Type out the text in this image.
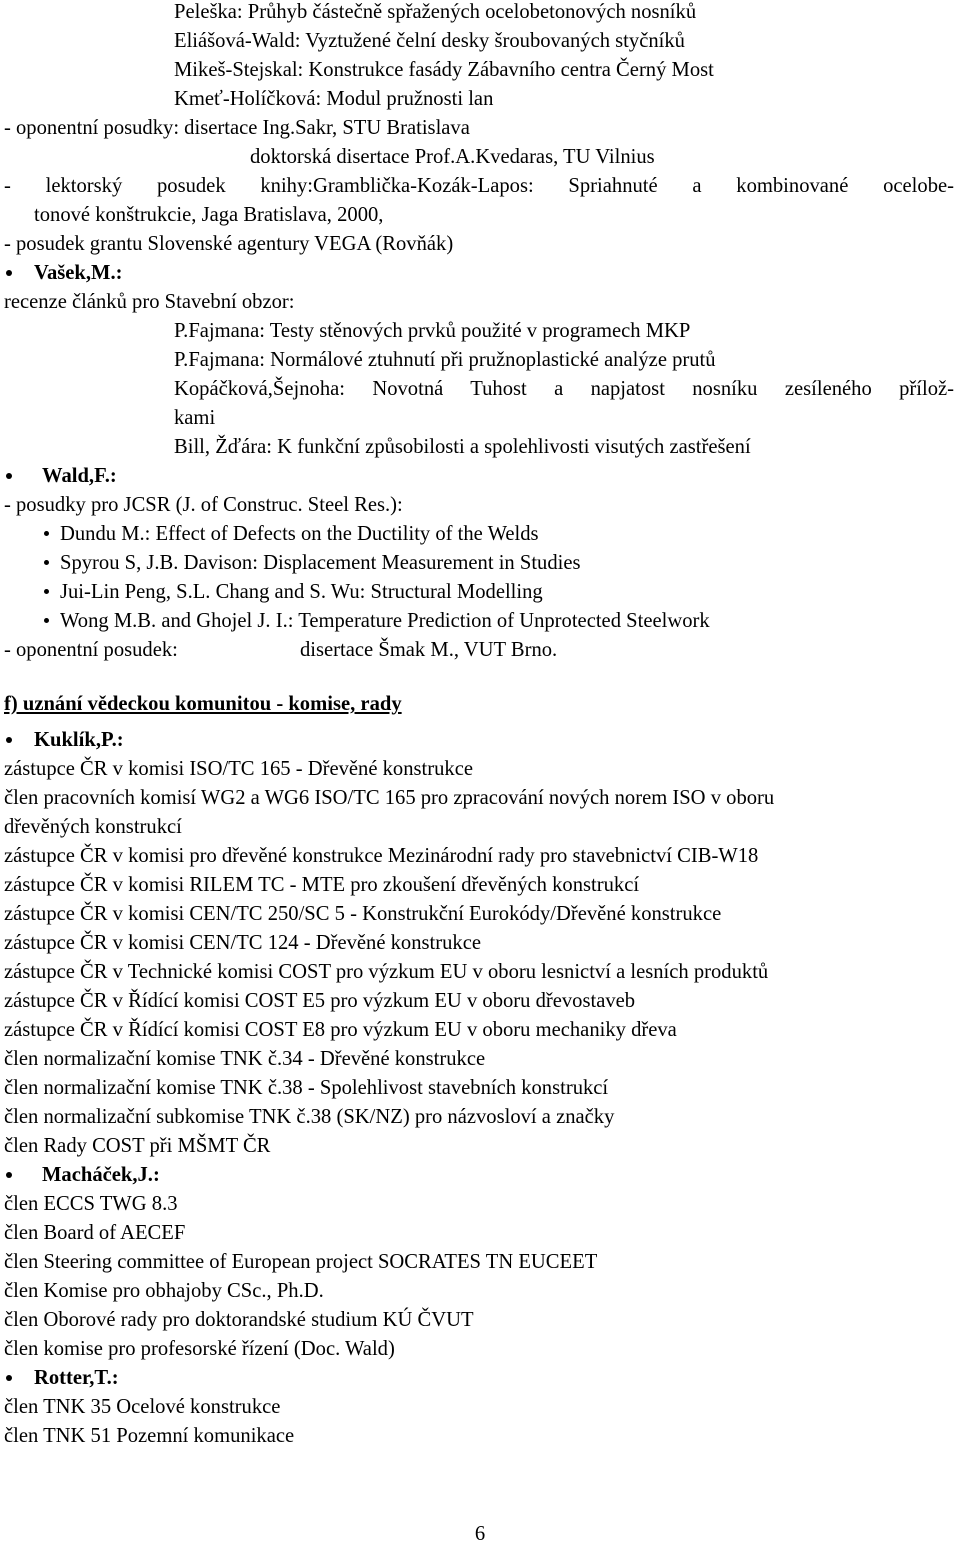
Peleška: Průhyb částečně spřažených ocelobetonových nosníků
Eliášová-Wald: Vyztužené čelní desky šroubovaných styčníků
Mikeš-Stejskal: Konstrukce fasády Zábavního centra Černý Most
Kmeť-Holíčková: Modul pružnosti lan
- oponentní posudky: disertace Ing.Sakr, STU Bratislava
doktorská disertace Prof.A.Kvedaras, TU Vilnius
- lektorský posudek knihy:Gramblička-Kozák-Lapos: Spriahnuté a kombinované ocelobe-
tonové konštrukcie, Jaga Bratislava, 2000,
- posudek grantu Slovenské agentury VEGA (Rovňák)
Vašek,M.:
recenze článků pro Stavební obzor:
P.Fajmana: Testy stěnových prvků použité v programech MKP
P.Fajmana: Normálové ztuhnutí při pružnoplastické analýze prutů
Kopáčková,Šejnoha: Novotná Tuhost a napjatost nosníku zesíleného přílož-
kami
Bill, Žďára: K funkční způsobilosti a spolehlivosti visutých zastřešení
Wald,F.:
- posudky pro JCSR (J. of Construc. Steel Res.):
Dundu M.: Effect of Defects on the Ductility of the Welds
Spyrou S, J.B. Davison: Displacement Measurement in Studies
Jui-Lin Peng, S.L. Chang and S. Wu: Structural Modelling
Wong M.B. and Ghojel J. I.: Temperature Prediction of Unprotected Steelwork
- oponentní posudek:	disertace Šmak M., VUT Brno.
f) uznání vědeckou komunitou - komise, rady
Kuklík,P.:
zástupce ČR v komisi ISO/TC 165 - Dřevěné konstrukce
člen pracovních komisí WG2 a WG6 ISO/TC 165 pro zpracování nových norem ISO v oboru
dřevěných konstrukcí
zástupce ČR v komisi pro dřevěné konstrukce Mezinárodní rady pro stavebnictví CIB-W18
zástupce ČR v komisi RILEM TC - MTE pro zkoušení dřevěných konstrukcí
zástupce ČR v komisi CEN/TC 250/SC 5 - Konstrukční Eurokódy/Dřevěné konstrukce
zástupce ČR v komisi CEN/TC 124 - Dřevěné konstrukce
zástupce ČR v Technické komisi COST pro výzkum EU v oboru lesnictví a lesních produktů
zástupce ČR v Řídící komisi COST E5 pro výzkum EU v oboru dřevostaveb
zástupce ČR v Řídící komisi COST E8 pro výzkum EU v oboru mechaniky dřeva
člen normalizační komise TNK č.34 - Dřevěné konstrukce
člen normalizační komise TNK č.38 - Spolehlivost stavebních konstrukcí
člen normalizační subkomise TNK č.38 (SK/NZ) pro názvosloví a značky
člen Rady COST při MŠMT ČR
Macháček,J.:
člen ECCS TWG 8.3
člen Board of AECEF
člen Steering committee of European project SOCRATES TN EUCEET
člen Komise pro obhajoby CSc., Ph.D.
člen Oborové rady pro doktorandské studium KÚ ČVUT
člen komise pro profesorské řízení (Doc. Wald)
Rotter,T.:
člen TNK 35 Ocelové konstrukce
člen TNK 51 Pozemní komunikace
6
